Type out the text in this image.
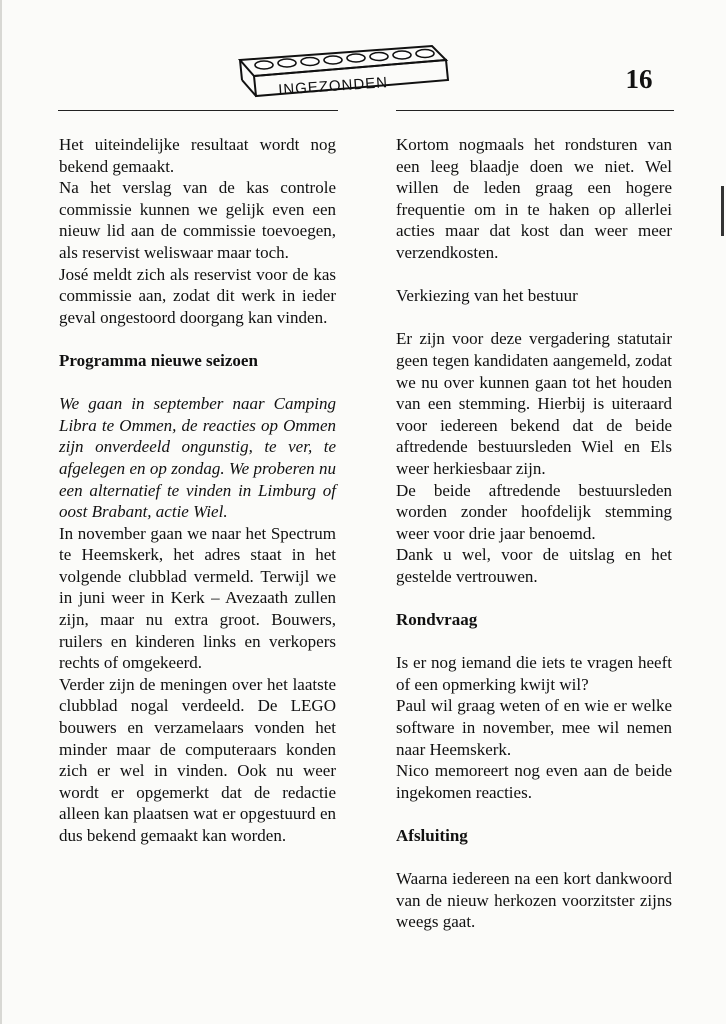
INGEZONDEN	16

Het uiteindelijke resultaat wordt nog bekend gemaakt.

Na het verslag van de kas controle commissie kunnen we gelijk even een nieuw lid aan de commissie toevoegen, als reservist weliswaar maar toch.

José meldt zich als reservist voor de kas commissie aan, zodat dit werk in ieder geval ongestoord doorgang kan vinden.

Programma nieuwe seizoen

We gaan in september naar Camping Libra te Ommen, de reacties op Ommen zijn onverdeeld ongunstig, te ver, te afgelegen en op zondag. We proberen nu een alternatief te vinden in Limburg of oost Brabant, actie Wiel.

In november gaan we naar het Spectrum te Heemskerk, het adres staat in het volgende clubblad vermeld. Terwijl we in juni weer in Kerk – Avezaath zullen zijn, maar nu extra groot. Bouwers, ruilers en kinderen links en verkopers rechts of omgekeerd.

Verder zijn de meningen over het laatste clubblad nogal verdeeld. De LEGO bouwers en verzamelaars vonden het minder maar de computeraars konden zich er wel in vinden. Ook nu weer wordt er opgemerkt dat de redactie alleen kan plaatsen wat er opgestuurd en dus bekend gemaakt kan worden.

Kortom nogmaals het rondsturen van een leeg blaadje doen we niet. Wel willen de leden graag een hogere frequentie om in te haken op allerlei acties maar dat kost dan weer meer verzendkosten.

Verkiezing van het bestuur

Er zijn voor deze vergadering statutair geen tegen kandidaten aangemeld, zodat we nu over kunnen gaan tot het houden van een stemming. Hierbij is uiteraard voor iedereen bekend dat de beide aftredende bestuursleden Wiel en Els weer herkiesbaar zijn.

De beide aftredende bestuursleden worden zonder hoofdelijk stemming weer voor drie jaar benoemd.

Dank u wel, voor de uitslag en het gestelde vertrouwen.

Rondvraag

Is er nog iemand die iets te vragen heeft of een opmerking kwijt wil?

Paul wil graag weten of en wie er welke software in november, mee wil nemen naar Heemskerk.

Nico memoreert nog even aan de beide ingekomen reacties.

Afsluiting

Waarna iedereen na een kort dankwoord van de nieuw herkozen voorzitster zijns weegs gaat.
